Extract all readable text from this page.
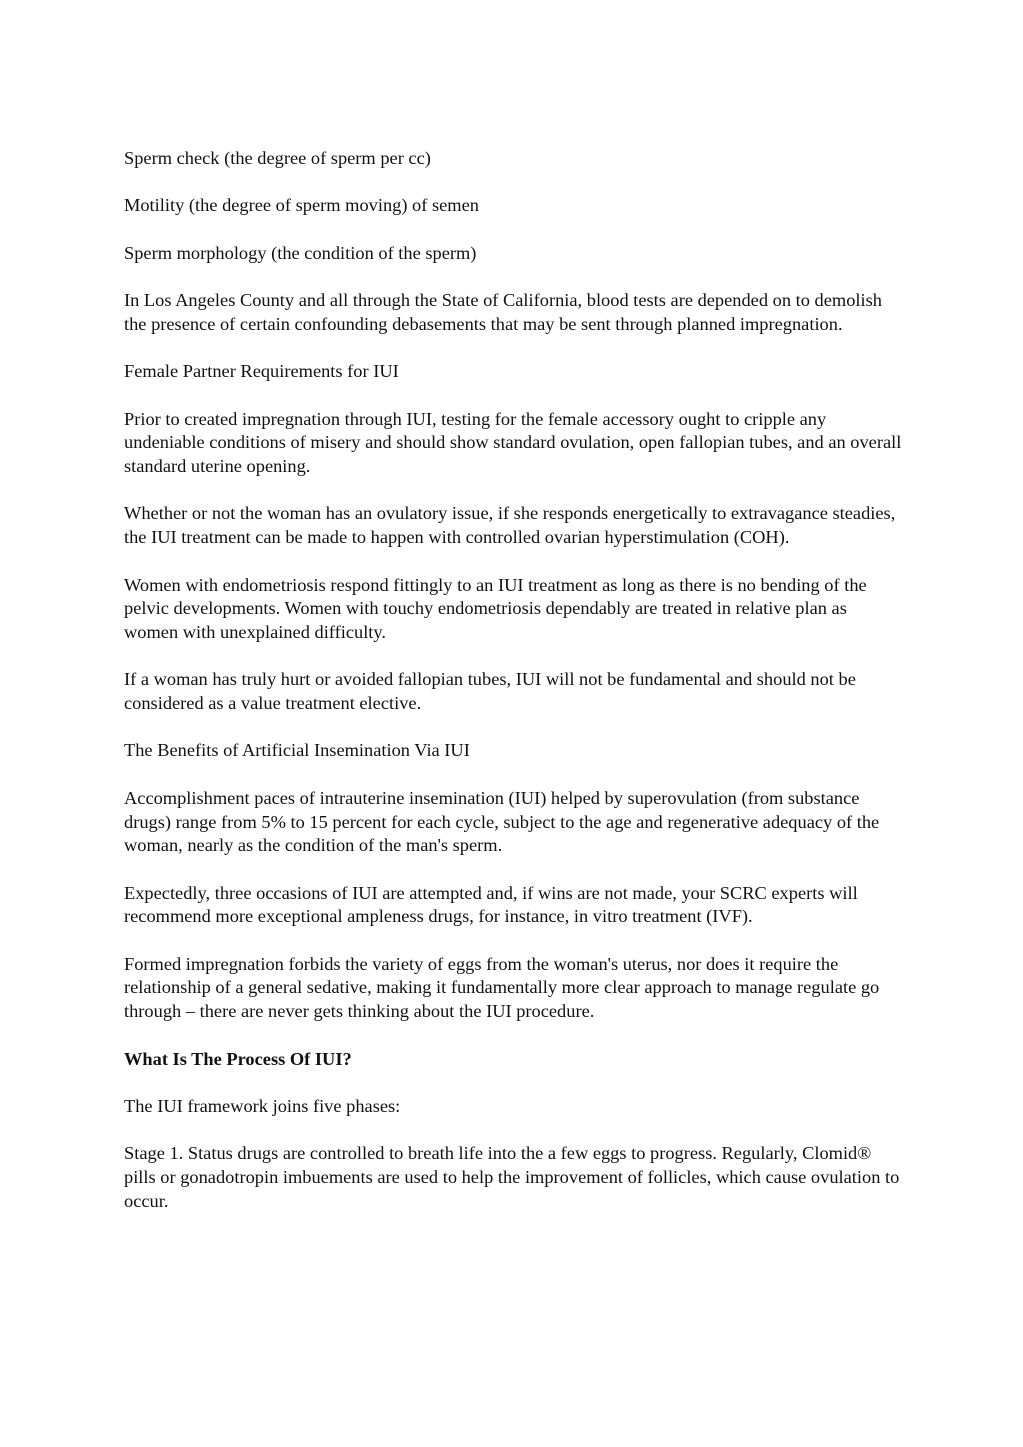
Sperm check (the degree of sperm per cc)

Motility (the degree of sperm moving) of semen

Sperm morphology (the condition of the sperm)

In Los Angeles County and all through the State of California, blood tests are depended on to demolish the presence of certain confounding debasements that may be sent through planned impregnation.

Female Partner Requirements for IUI

Prior to created impregnation through IUI, testing for the female accessory ought to cripple any undeniable conditions of misery and should show standard ovulation, open fallopian tubes, and an overall standard uterine opening.

Whether or not the woman has an ovulatory issue, if she responds energetically to extravagance steadies, the IUI treatment can be made to happen with controlled ovarian hyperstimulation (COH).

Women with endometriosis respond fittingly to an IUI treatment as long as there is no bending of the pelvic developments. Women with touchy endometriosis dependably are treated in relative plan as women with unexplained difficulty.

If a woman has truly hurt or avoided fallopian tubes, IUI will not be fundamental and should not be considered as a value treatment elective.

The Benefits of Artificial Insemination Via IUI

Accomplishment paces of intrauterine insemination (IUI) helped by superovulation (from substance drugs) range from 5% to 15 percent for each cycle, subject to the age and regenerative adequacy of the woman, nearly as the condition of the man's sperm.

Expectedly, three occasions of IUI are attempted and, if wins are not made, your SCRC experts will recommend more exceptional ampleness drugs, for instance, in vitro treatment (IVF).

Formed impregnation forbids the variety of eggs from the woman's uterus, nor does it require the relationship of a general sedative, making it fundamentally more clear approach to manage regulate go through – there are never gets thinking about the IUI procedure.

What Is The Process Of IUI?

The IUI framework joins five phases:

Stage 1. Status drugs are controlled to breath life into the a few eggs to progress. Regularly, Clomid® pills or gonadotropin imbuements are used to help the improvement of follicles, which cause ovulation to occur.
